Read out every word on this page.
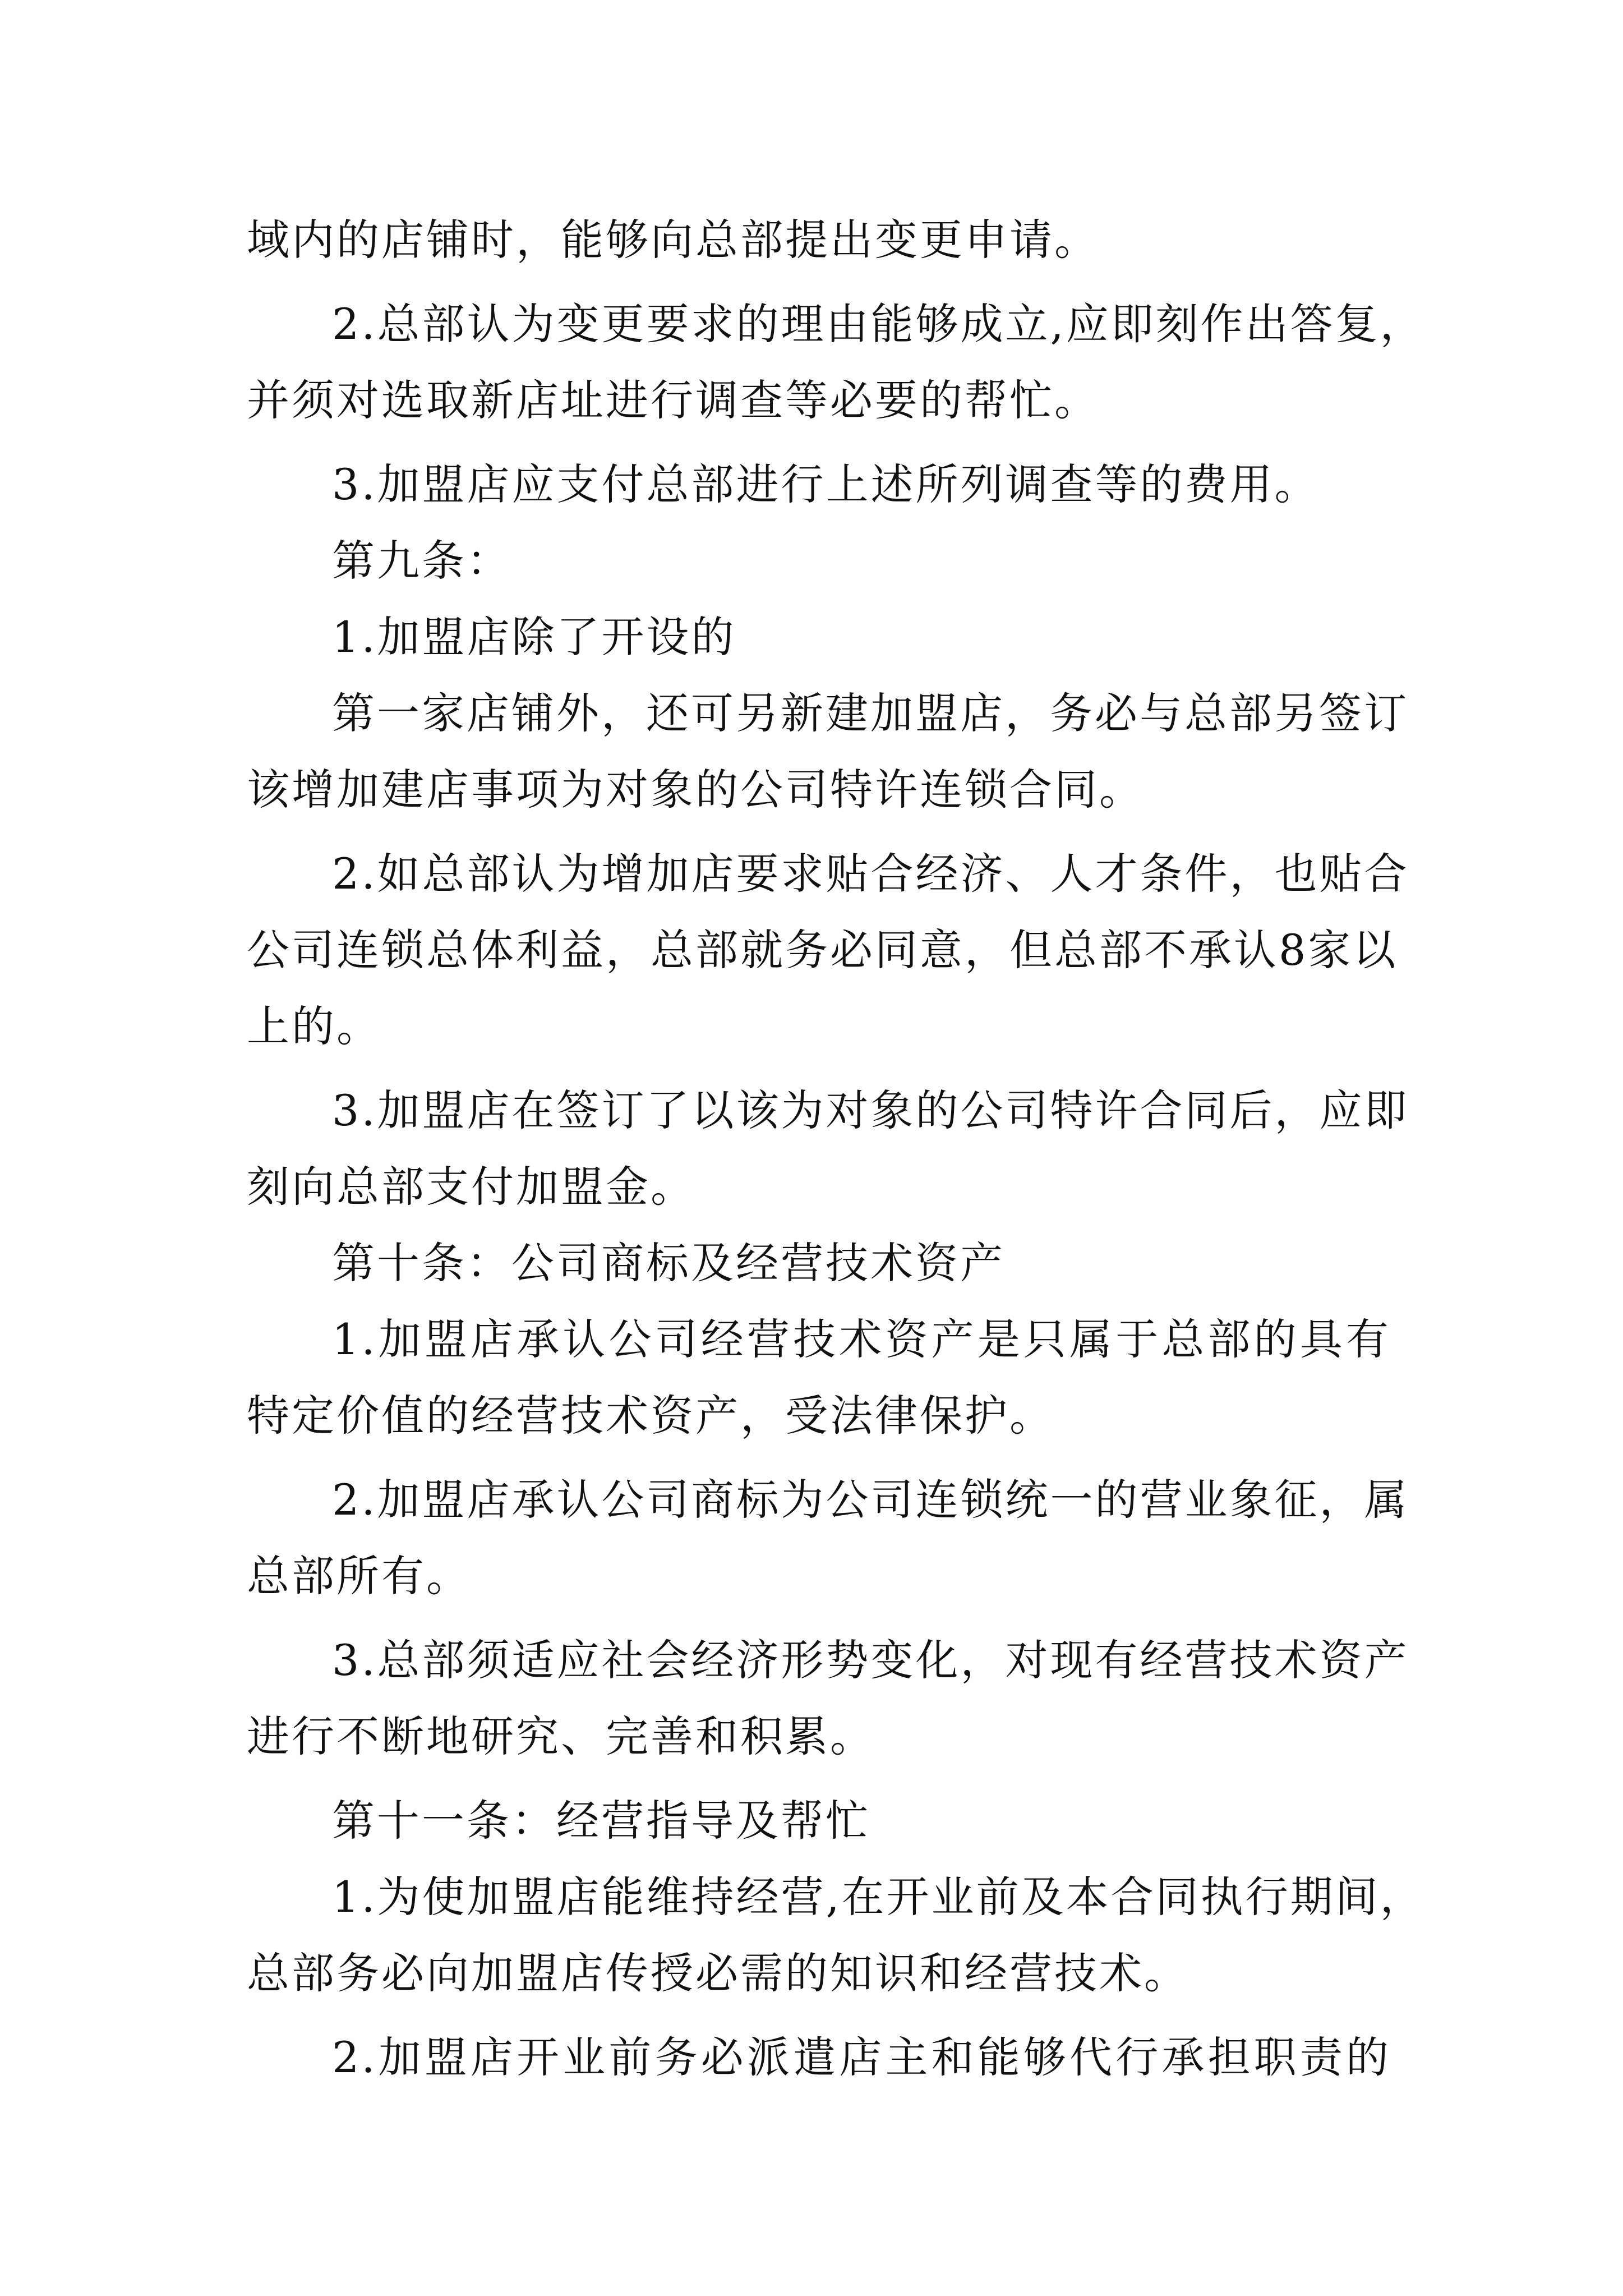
域内的店铺时，能够向总部提出变更申请。
2.总部认为变更要求的理由能够成立,应即刻作出答复，
并须对选取新店址进行调查等必要的帮忙。
3.加盟店应支付总部进行上述所列调查等的费用。
第九条：
1.加盟店除了开设的
第一家店铺外，还可另新建加盟店，务必与总部另签订
该增加建店事项为对象的公司特许连锁合同。
2.如总部认为增加店要求贴合经济、人才条件，也贴合
公司连锁总体利益，总部就务必同意，但总部不承认8家以
上的。
3.加盟店在签订了以该为对象的公司特许合同后，应即
刻向总部支付加盟金。
第十条：公司商标及经营技术资产
1.加盟店承认公司经营技术资产是只属于总部的具有
特定价值的经营技术资产，受法律保护。
2.加盟店承认公司商标为公司连锁统一的营业象征，属
总部所有。
3.总部须适应社会经济形势变化，对现有经营技术资产
进行不断地研究、完善和积累。
第十一条：经营指导及帮忙
1.为使加盟店能维持经营,在开业前及本合同执行期间，
总部务必向加盟店传授必需的知识和经营技术。
2.加盟店开业前务必派遣店主和能够代行承担职责的
